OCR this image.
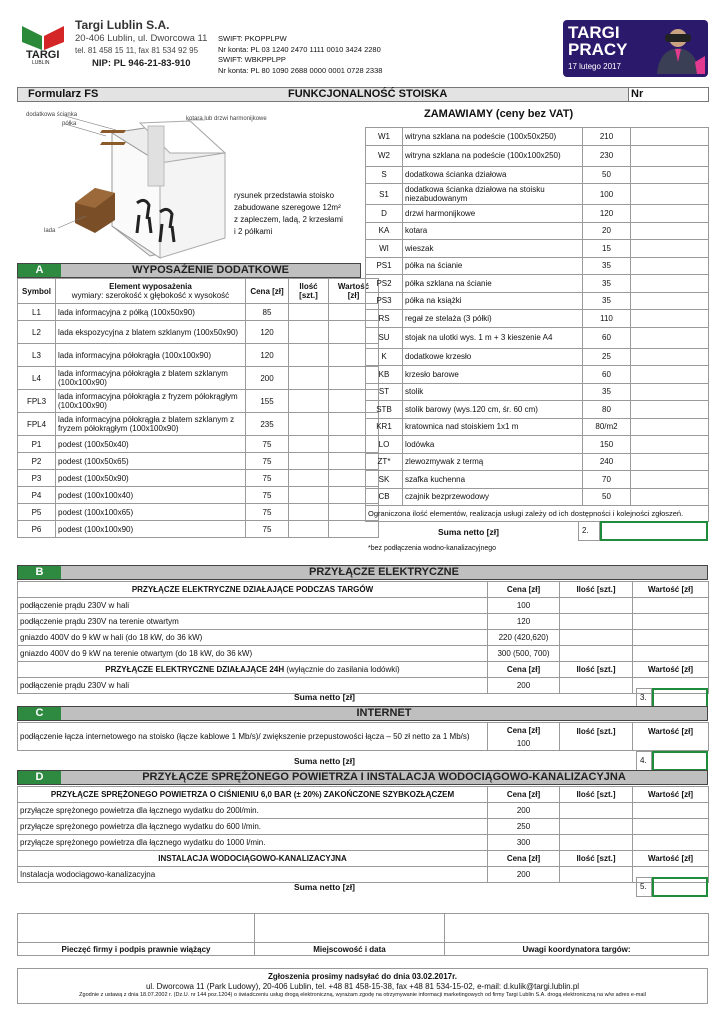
TARGI
LUBLIN
Targi Lublin S.A.
20-406 Lublin, ul. Dworcowa 11
tel. 81 458 15 11, fax 81 534 92 95
NIP: PL 946-21-83-910
SWIFT: PKOPPLPW
Nr konta: PL 03 1240 2470 1111 0010 3424 2280
SWIFT: WBKPPLPP
Nr konta: PL 80 1090 2688 0000 0001 0728 2338
TARGI
PRACY
17 lutego 2017
Formularz FS	FUNKCJONALNOŚĆ STOISKA	Nr
dodatkowa ścianka
półka
kotara lub drzwi harmonijkowe
lada
rysunek przedstawia stoisko
zabudowane szeregowe 12m²
z zapleczem, ladą, 2 krzesłami
i 2 półkami
A	WYPOSAŻENIE DODATKOWE
Symbol	Element wyposażenia
wymiary: szerokość x głębokość x wysokość	Cena [zł]	Ilość [szt.]	Wartość [zł]
L1	lada informacyjna z półką (100x50x90)	85		
L2	lada ekspozycyjna z blatem szklanym (100x50x90)	120		
L3	lada informacyjna półokrągła (100x100x90)	120		
L4	lada informacyjna półokrągła z blatem szklanym (100x100x90)	200		
FPL3	lada informacyjna półokrągła z fryzem półokrągłym (100x100x90)	155		
FPL4	lada informacyjna półokrągła z blatem szklanym z fryzem półokrągłym (100x100x90)	235		
P1	podest (100x50x40)	75		
P2	podest (100x50x65)	75		
P3	podest (100x50x90)	75		
P4	podest (100x100x40)	75		
P5	podest (100x100x65)	75		
P6	podest (100x100x90)	75		
ZAMAWIAMY (ceny bez VAT)
W1	witryna szklana na podeście (100x50x250)	210	
W2	witryna szklana na podeście (100x100x250)	230	
S	dodatkowa ścianka działowa	50	
S1	dodatkowa ścianka działowa na stoisku niezabudowanym	100	
D	drzwi harmonijkowe	120	
KA	kotara	20	
WI	wieszak	15	
PS1	półka na ścianie	35	
PS2	półka szklana na ścianie	35	
PS3	półka na książki	35	
RS	regał ze stelaża (3 półki)	110	
SU	stojak na ulotki wys. 1 m + 3 kieszenie A4	60	
K	dodatkowe krzesło	25	
KB	krzesło barowe	60	
ST	stolik	35	
STB	stolik barowy (wys.120 cm, śr. 60 cm)	80	
KR1	kratownica nad stoiskiem 1x1 m	80/m2	
LO	lodówka	150	
ZT*	zlewozmywak z termą	240	
SK	szafka kuchenna	70	
CB	czajnik bezprzewodowy	50	
Ograniczona ilość elementów, realizacja usługi zależy od ich dostępności i kolejności zgłoszeń.			
Suma netto [zł]	2.
*bez podłączenia wodno-kanalizacyjnego
B	PRZYŁĄCZE ELEKTRYCZNE
PRZYŁĄCZE ELEKTRYCZNE DZIAŁAJĄCE PODCZAS TARGÓW	Cena [zł]	Ilość [szt.]	Wartość [zł]
podłączenie prądu 230V w hali	100		
podłączenie prądu 230V na terenie otwartym	120		
gniazdo 400V do 9 kW w hali (do 18 kW, do 36 kW)	220 (420,620)		
gniazdo 400V do 9 kW na terenie otwartym (do 18 kW, do 36 kW)	300 (500, 700)		
PRZYŁĄCZE ELEKTRYCZNE DZIAŁAJĄCE 24H (wyłącznie do zasilania lodówki)	Cena [zł]	Ilość [szt.]	Wartość [zł]
podłączenie prądu 230V w hali	200		
Suma netto [zł]	3.
C	INTERNET
podłączenie łącza internetowego na stoisko (łącze kablowe 1 Mb/s)/ zwiększenie przepustowości łącza – 50 zł netto za 1 Mb/s)	
Cena [zł]
100

Ilość [szt.]	Wartość [zł]
Suma netto [zł]	4.
D	PRZYŁĄCZE SPRĘŻONEGO POWIETRZA I INSTALACJA WODOCIĄGOWO-KANALIZACYJNA
PRZYŁĄCZE SPRĘŻONEGO POWIETRZA O CIŚNIENIU 6,0 BAR (± 20%) ZAKOŃCZONE SZYBKOZŁĄCZEM	Cena [zł]	Ilość [szt.]	Wartość [zł]
przyłącze sprężonego powietrza dla łącznego wydatku do 200l/min.	200		
przyłącze sprężonego powietrza dla łącznego wydatku do 600 l/min.	250		
przyłącze sprężonego powietrza dla łącznego wydatku do 1000 l/min.	300		
INSTALACJA WODOCIĄGOWO-KANALIZACYJNA	Cena [zł]	Ilość [szt.]	Wartość [zł]
Instalacja wodociągowo-kanalizacyjna	200		
Suma netto [zł]	5.

Pieczęć firmy i podpis prawnie wiążący	Miejscowość i data	Uwagi koordynatora targów:
Zgłoszenia prosimy nadsyłać do dnia 03.02.2017r.
ul. Dworcowa 11 (Park Ludowy), 20-406 Lublin, tel. +48 81 458-15-38, fax +48 81 534-15-02, e-mail: d.kulik@targi.lublin.pl
Zgodnie z ustawą z dnia 18.07.2002 r. (Dz.U. nr 144 poz.1204) o świadczeniu usług drogą elektroniczną, wyrażam zgodę na otrzymywanie informacji marketingowych od firmy Targi Lublin S.A. drogą elektroniczną na w/w adres e-mail
